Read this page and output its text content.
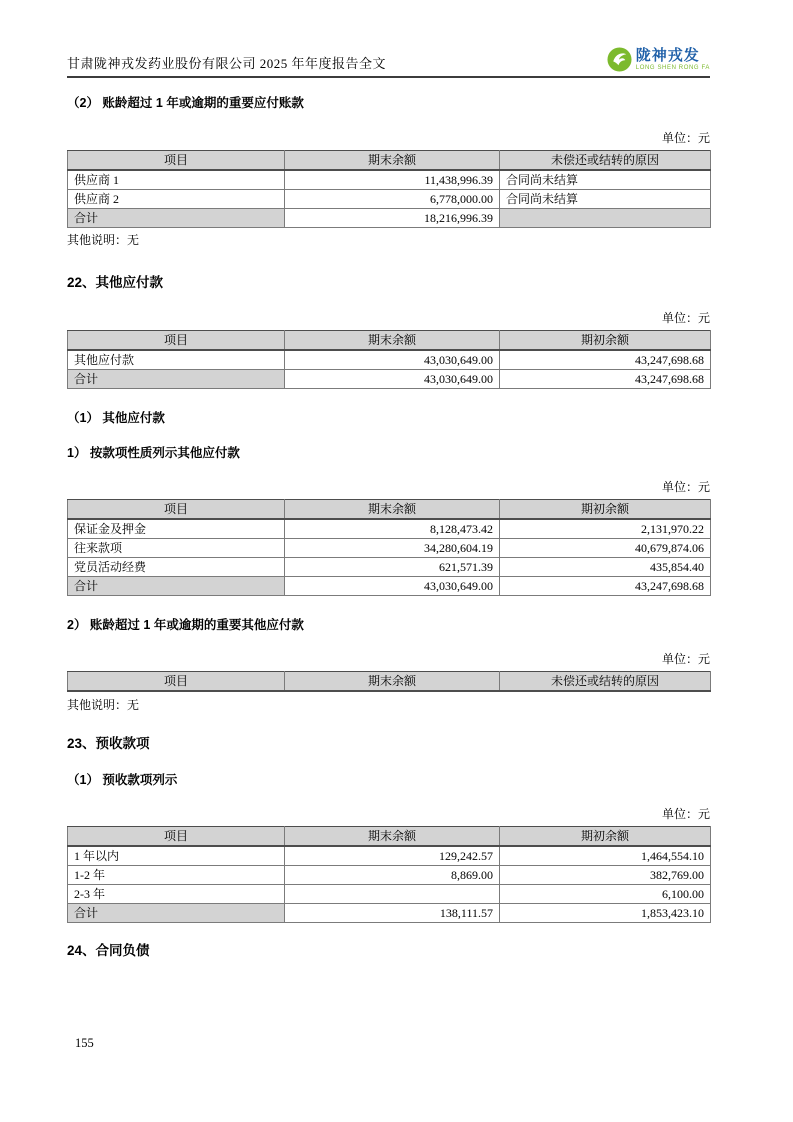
甘肃陇神戎发药业股份有限公司 2025 年年度报告全文	陇神戎发
LONG SHEN RONG FA
（2） 账龄超过 1 年或逾期的重要应付账款
单位：元
项目	期末余额	未偿还或结转的原因
供应商 1	11,438,996.39	合同尚未结算
供应商 2	6,778,000.00	合同尚未结算
合计	18,216,996.39	
其他说明：无
22、其他应付款
单位：元
项目	期末余额	期初余额
其他应付款	43,030,649.00	43,247,698.68
合计	43,030,649.00	43,247,698.68
（1） 其他应付款
1） 按款项性质列示其他应付款
单位：元
项目	期末余额	期初余额
保证金及押金	8,128,473.42	2,131,970.22
往来款项	34,280,604.19	40,679,874.06
党员活动经费	621,571.39	435,854.40
合计	43,030,649.00	43,247,698.68
2） 账龄超过 1 年或逾期的重要其他应付款
单位：元
项目	期末余额	未偿还或结转的原因
其他说明：无
23、预收款项
（1） 预收款项列示
单位：元
项目	期末余额	期初余额
1 年以内	129,242.57	1,464,554.10
1-2 年	8,869.00	382,769.00
2-3 年		6,100.00
合计	138,111.57	1,853,423.10
24、合同负债
155
